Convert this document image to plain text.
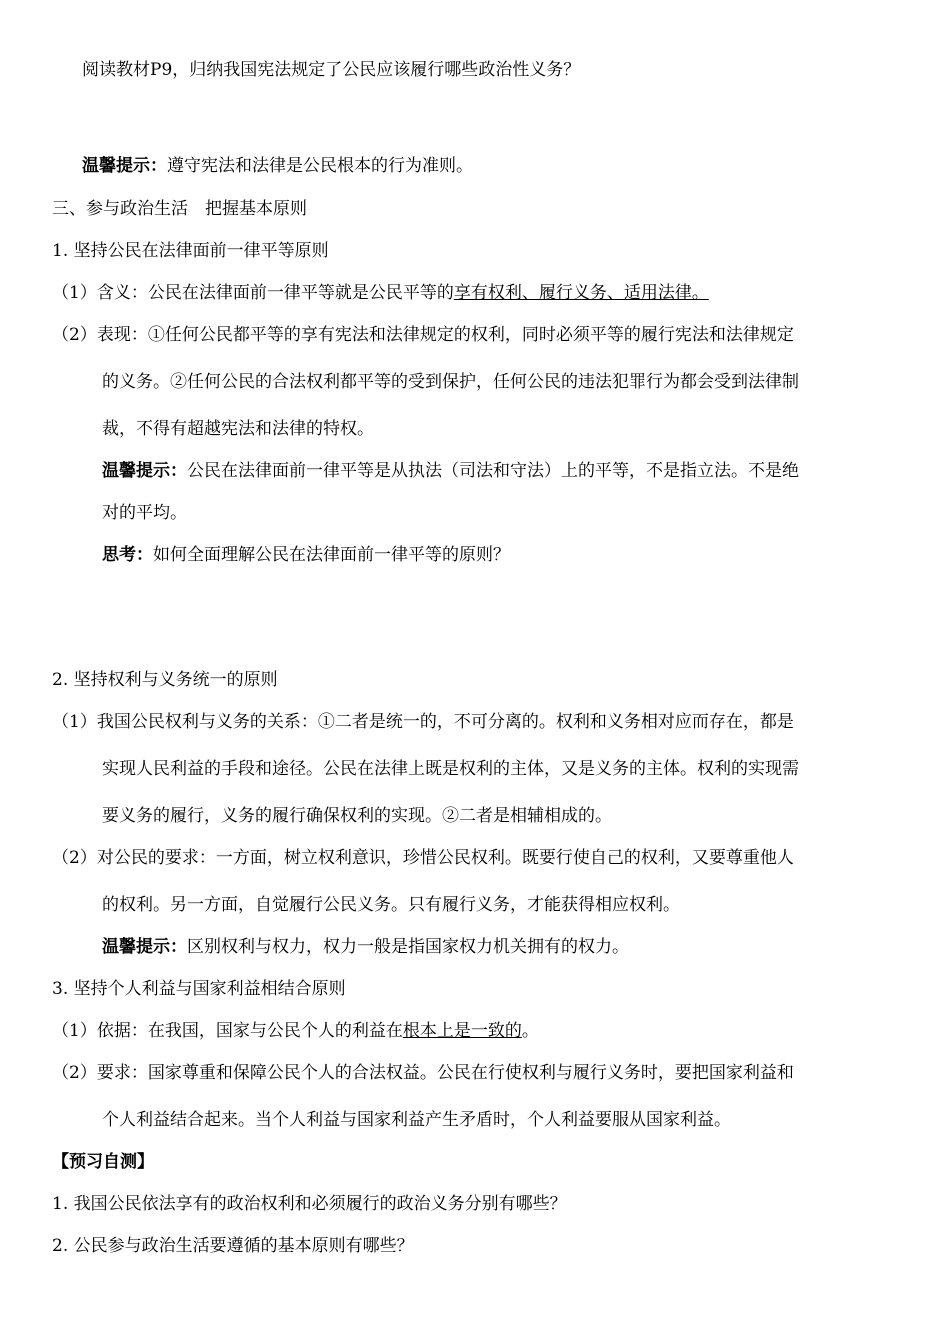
阅读教材P9，归纳我国宪法规定了公民应该履行哪些政治性义务？
温馨提示：遵守宪法和法律是公民根本的行为准则。
三、参与政治生活　把握基本原则
1. 坚持公民在法律面前一律平等原则
（1）含义：公民在法律面前一律平等就是公民平等的享有权利、履行义务、适用法律。
（2）表现：①任何公民都平等的享有宪法和法律规定的权利，同时必须平等的履行宪法和法律规定
的义务。②任何公民的合法权利都平等的受到保护，任何公民的违法犯罪行为都会受到法律制
裁，不得有超越宪法和法律的特权。
温馨提示：公民在法律面前一律平等是从执法（司法和守法）上的平等，不是指立法。不是绝
对的平均。
思考：如何全面理解公民在法律面前一律平等的原则？
2. 坚持权利与义务统一的原则
（1）我国公民权利与义务的关系：①二者是统一的，不可分离的。权利和义务相对应而存在，都是
实现人民利益的手段和途径。公民在法律上既是权利的主体，又是义务的主体。权利的实现需
要义务的履行，义务的履行确保权利的实现。②二者是相辅相成的。
（2）对公民的要求：一方面，树立权利意识，珍惜公民权利。既要行使自己的权利，又要尊重他人
的权利。另一方面，自觉履行公民义务。只有履行义务，才能获得相应权利。
温馨提示：区别权利与权力，权力一般是指国家权力机关拥有的权力。
3. 坚持个人利益与国家利益相结合原则
（1）依据：在我国，国家与公民个人的利益在根本上是一致的。
（2）要求：国家尊重和保障公民个人的合法权益。公民在行使权利与履行义务时，要把国家利益和
个人利益结合起来。当个人利益与国家利益产生矛盾时，个人利益要服从国家利益。
【预习自测】
1. 我国公民依法享有的政治权利和必须履行的政治义务分别有哪些？
2. 公民参与政治生活要遵循的基本原则有哪些？
